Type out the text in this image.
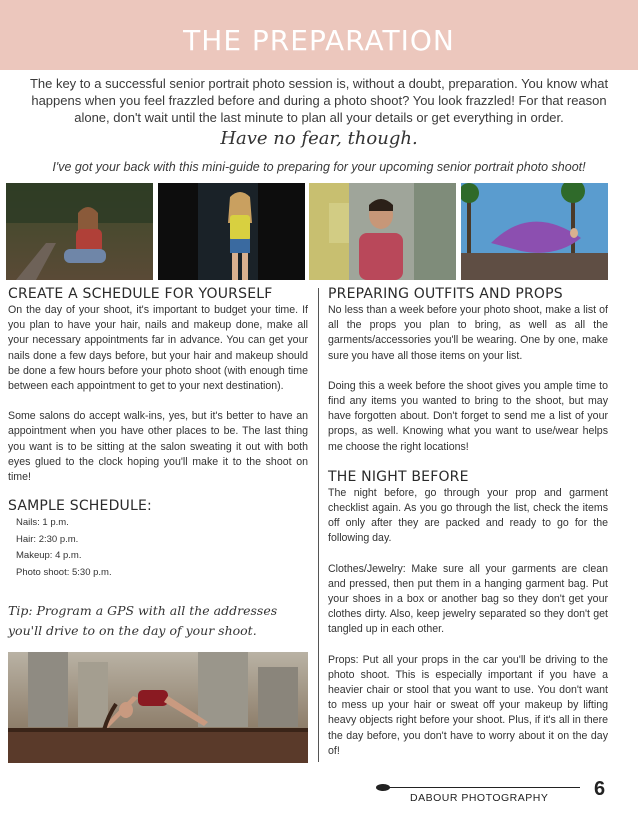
THE PREPARATION
The key to a successful senior portrait photo session is, without a doubt, preparation. You know what happens when you feel frazzled before and during a photo shoot? You look frazzled! For that reason alone, don't wait until the last minute to plan all your details or get everything in order.
Have no fear, though.
I've got your back with this mini-guide to preparing for your upcoming senior portrait photo shoot!
CREATE A SCHEDULE FOR YOURSELF

On the day of your shoot, it's important to budget your time. If you plan to have your hair, nails and makeup done, make all your necessary appointments far in advance. You can get your nails done a few days before, but your hair and makeup should be done a few hours before your photo shoot (with enough time between each appointment to get to your next destination).

Some salons do accept walk-ins, yes, but it's better to have an appointment when you have other places to be. The last thing you want is to be sitting at the salon sweating it out with both eyes glued to the clock hoping you'll make it to the shoot on time!

SAMPLE SCHEDULE:
Nails: 1 p.m.
Hair: 2:30 p.m.
Makeup: 4 p.m.
Photo shoot: 5:30 p.m.
Tip: Program a GPS with all the addresses you'll drive to on the day of your shoot.
PREPARING OUTFITS AND PROPS

No less than a week before your photo shoot, make a list of all the props you plan to bring, as well as all the garments/accessories you'll be wearing. One by one, make sure you have all those items on your list.

Doing this a week before the shoot gives you ample time to find any items you wanted to bring to the shoot, but may have forgotten about. Don't forget to send me a list of your props, as well. Knowing what you want to use/wear helps me choose the right locations!

THE NIGHT BEFORE

The night before, go through your prop and garment checklist again. As you go through the list, check the items off only after they are packed and ready to go for the following day.

Clothes/Jewelry: Make sure all your garments are clean and pressed, then put them in a hanging garment bag. Put your shoes in a box or another bag so they don't get your clothes dirty. Also, keep jewelry separated so they don't get tangled up in each other.

Props: Put all your props in the car you'll be driving to the photo shoot. This is especially important if you have a heavier chair or stool that you want to use. You don't want to mess up your hair or sweat off your makeup by lifting heavy objects right before your shoot. Plus, if it's all in there the day before, you don't have to worry about it on the day of!

DABOUR PHOTOGRAPHY 6
